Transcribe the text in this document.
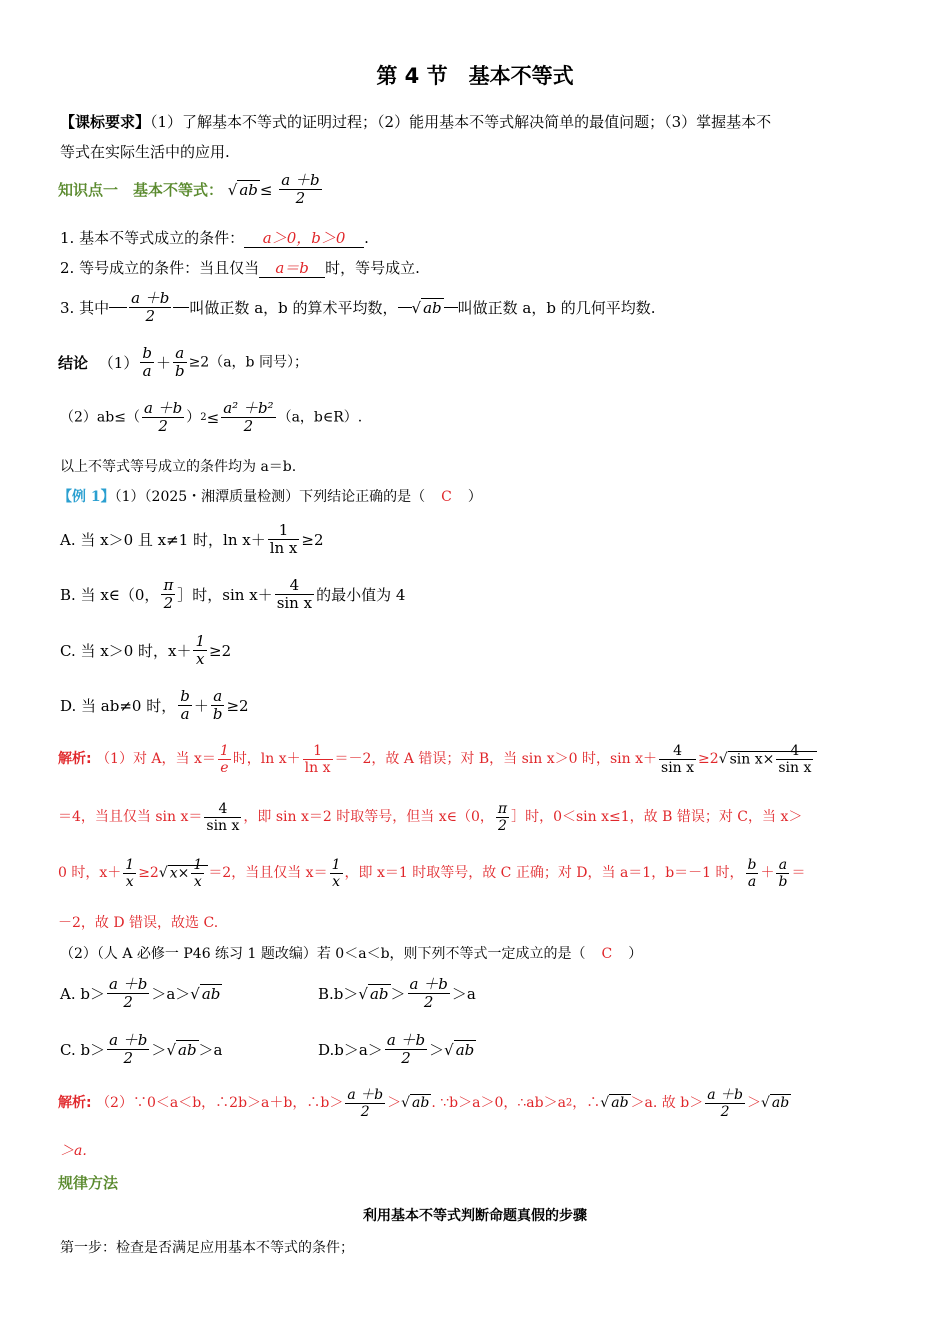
第 4 节　基本不等式
【课标要求】（1）了解基本不等式的证明过程；（2）能用基本不等式解决简单的最值问题；（3）掌握基本不
等式在实际生活中的应用.
知识点一　基本不等式： √ ab ≤ $\frac{a +b}{2}$
1. 基本不等式成立的条件： a＞0，b＞0 .
2. 等号成立的条件：当且仅当 a＝b 时，等号成立.
3. 其中 $\frac{a +b}{2}$ 叫做正数 a，b 的算术平均数， √ ab 叫做正数 a，b 的几何平均数.
结论 $(1) \frac{b}{a} + \frac{a}{b} \ge 2(a$，b 同号）；
$(2)ab\le( \frac{a +b}{2} )2\le \frac{\text{a² ＋b²}}{2} (a$，b∈R）.
以上不等式等号成立的条件均为 a＝b.
【例 1】（1）（2025・湘潭质量检测）下列结论正确的是（ C ）
A. 当 x＞0 且 x≠1 时，$\ln x+ \frac{1}{\text{ln x}} \ge 2$
B. 当 x∈（0， $\frac{\pi}{2}$ ］时，$\sin x+ \frac{4}{\text{sin x}}$ 的最小值为 4
C. 当 x＞0 时，$x+ \frac{1}{x} \ge 2$
D. 当 ab≠0 时， $\frac{b}{a} + \frac{a}{b} \ge 2$
解析: （1）对 A，当 $x= \frac{1}{e}$ 时，$\ln x+ \frac{1}{\text{ln x}} =-2$，故 A 错误；对 B，当 sin x＞0 时，$\sin x+ \frac{4}{\text{sin x}} \ge 2√$ $\sin x\times \frac{4}{\text{sin x}}$
＝4，当且仅当 $\sin x= \frac{4}{\text{sin x}}$ ，即 sin x＝2 时取等号，但当 x∈（0， $\frac{\pi}{2}$ ］时，0＜sin x≤1，故 B 错误；对 C，当 x＞
0 时，$x+ \frac{1}{x} \ge 2√$ $x\times \frac{1}{x} =2$，当且仅当 $x= \frac{1}{x}$ ，即 x＝1 时取等号，故 C 正确；对 D，当 a＝1，b＝－1 时， $\frac{b}{a} + \frac{a}{b}$ ＝
－2，故 D 错误，故选 C.
（2）（人 A 必修一 P46 练习 1 题改编）若 0＜a＜b，则下列不等式一定成立的是（ C ）
A. $b> \frac{a +b}{2} >a>√$ ab	B.b＞√ ab ＞ $\frac{a +b}{2} >a$
C. $b> \frac{a +b}{2}$ ＞√ ab ＞a	$D.b>a> \frac{a +b}{2}$ ＞√ ab
解析: （2）∵0＜a＜b，∴2b＞a＋b，∴b＞ $\frac{a +b}{2}$ ＞√ ab . ∵b＞a＞0，∴ab＞a2，∴√ ab ＞a. 故 $b> \frac{a +b}{2}$ ＞√ ab
＞a.
规律方法
利用基本不等式判断命题真假的步骤
第一步：检查是否满足应用基本不等式的条件；
